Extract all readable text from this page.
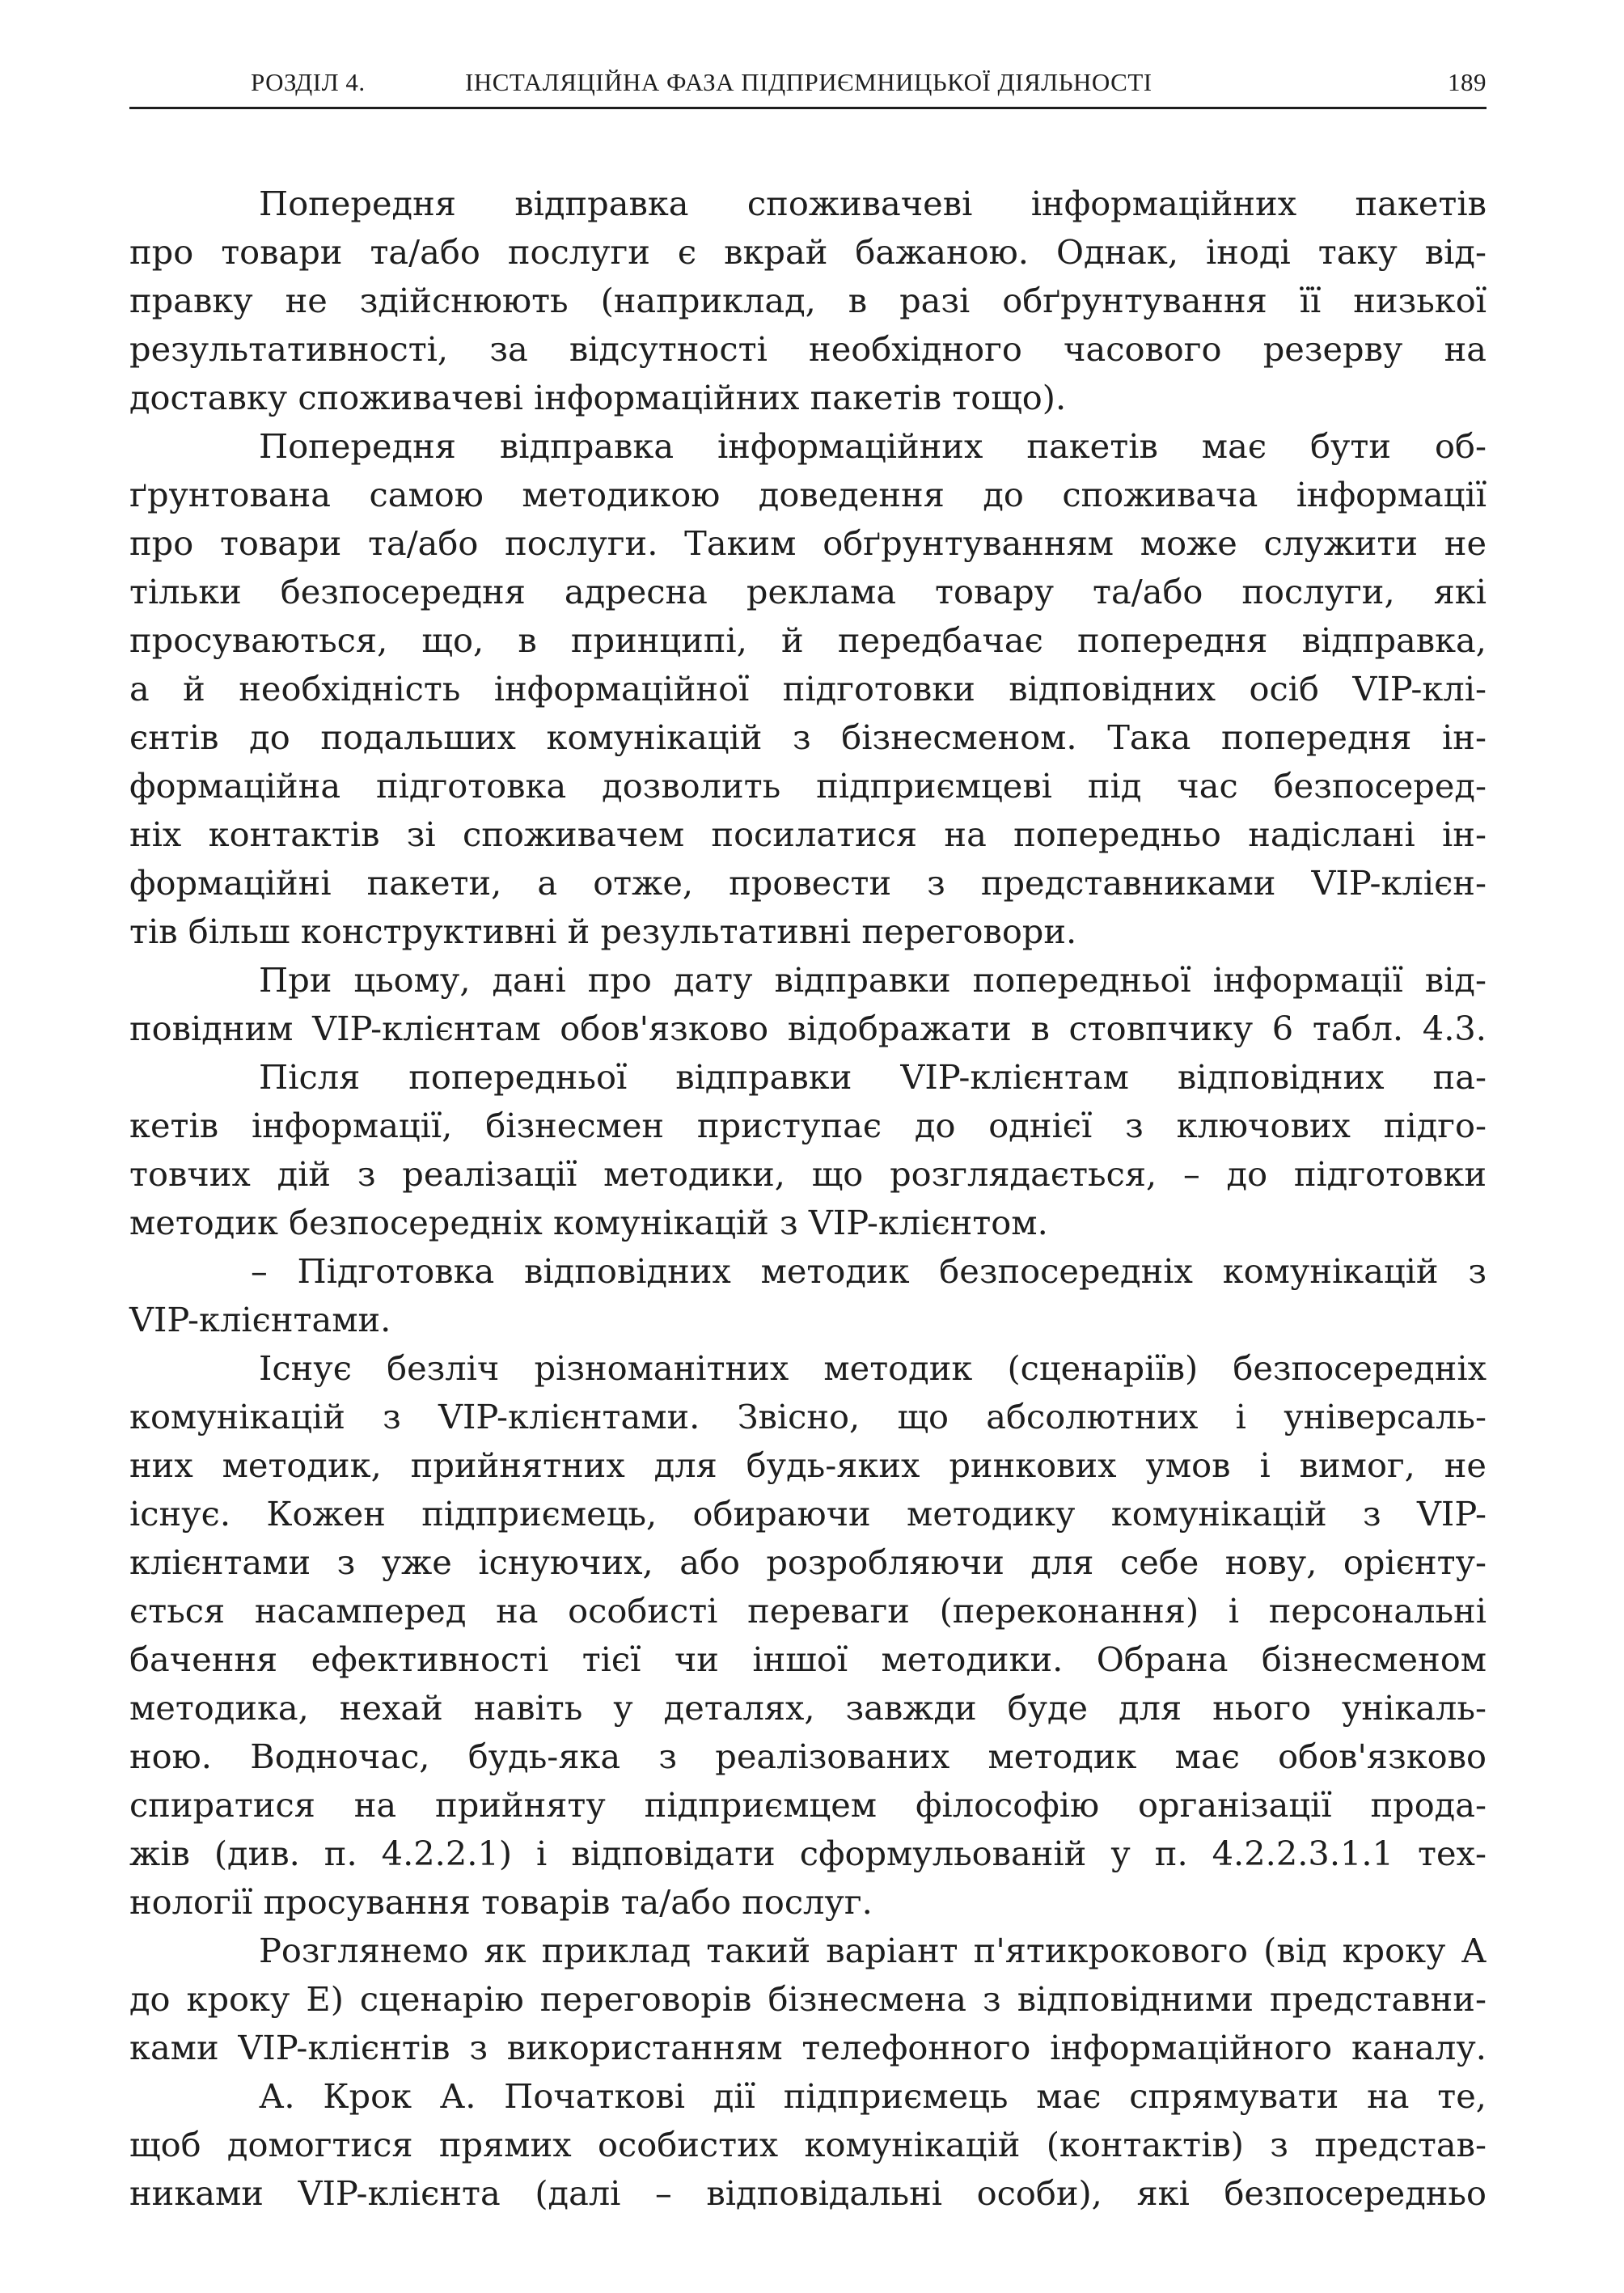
РОЗДІЛ 4.	ІНСТАЛЯЦІЙНА ФАЗА ПІДПРИЄМНИЦЬКОЇ ДІЯЛЬНОСТІ	189
Попередня відправка споживачеві інформаційних пакетів
про товари та/або послуги є вкрай бажаною. Однак, іноді таку від-
правку не здійснюють (наприклад, в разі обґрунтування її низької
результативності, за відсутності необхідного часового резерву на
доставку споживачеві інформаційних пакетів тощо).
Попередня відправка інформаційних пакетів має бути об-
ґрунтована самою методикою доведення до споживача інформації
про товари та/або послуги. Таким обґрунтуванням може служити не
тільки безпосередня адресна реклама товару та/або послуги, які
просуваються, що, в принципі, й передбачає попередня відправка,
а й необхідність інформаційної підготовки відповідних осіб VIP-клі-
єнтів до подальших комунікацій з бізнесменом. Така попередня ін-
формаційна підготовка дозволить підприємцеві під час безпосеред-
ніх контактів зі споживачем посилатися на попередньо надіслані ін-
формаційні пакети, а отже, провести з представниками VIP-клієн-
тів більш конструктивні й результативні переговори.
При цьому, дані про дату відправки попередньої інформації від-
повідним VIP-клієнтам обов'язково відображати в стовпчику 6 табл. 4.3.
Після попередньої відправки VIP-клієнтам відповідних па-
кетів інформації, бізнесмен приступає до однієї з ключових підго-
товчих дій з реалізації методики, що розглядається, – до підготовки
методик безпосередніх комунікацій з VIP-клієнтом.
– Підготовка відповідних методик безпосередніх комунікацій з
VIP-клієнтами.
Існує безліч різноманітних методик (сценаріїв) безпосередніх
комунікацій з VIP-клієнтами. Звісно, що абсолютних і універсаль-
них методик, прийнятних для будь-яких ринкових умов і вимог, не
існує. Кожен підприємець, обираючи методику комунікацій з VIP-
клієнтами з уже існуючих, або розробляючи для себе нову, орієнту-
ється насамперед на особисті переваги (переконання) і персональні
бачення ефективності тієї чи іншої методики. Обрана бізнесменом
методика, нехай навіть у деталях, завжди буде для нього унікаль-
ною. Водночас, будь-яка з реалізованих методик має обов'язково
спиратися на прийняту підприємцем філософію організації прода-
жів (див. п. 4.2.2.1) і відповідати сформульованій у п. 4.2.2.3.1.1 тех-
нології просування товарів та/або послуг.
Розглянемо як приклад такий варіант п'ятикрокового (від кроку А
до кроку Е) сценарію переговорів бізнесмена з відповідними представни-
ками VIP-клієнтів з використанням телефонного інформаційного каналу.
А. Крок А. Початкові дії підприємець має спрямувати на те,
щоб домогтися прямих особистих комунікацій (контактів) з представ-
никами VIP-клієнта (далі – відповідальні особи), які безпосередньо
